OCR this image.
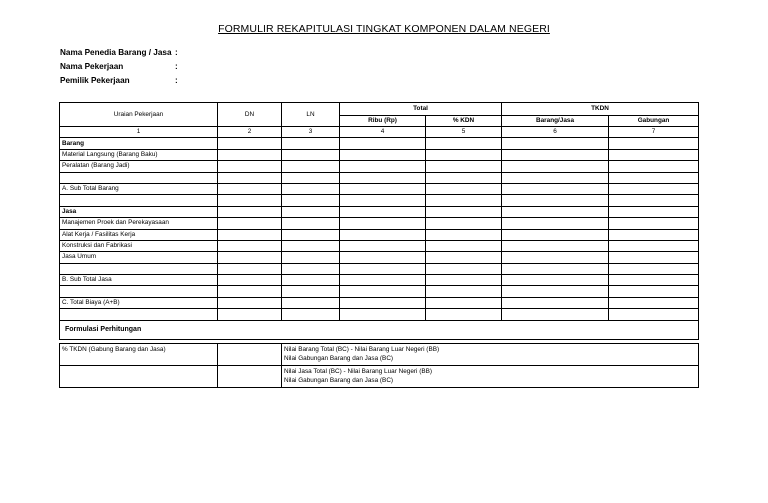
FORMULIR REKAPITULASI TINGKAT KOMPONEN DALAM NEGERI
Nama Penedia Barang / Jasa :
Nama Pekerjaan	:
Pemilik Pekerjaan	:
Uraian Pekerjaan	DN	LN	Total		TKDN	
			Ribu (Rp)	% KDN	Barang/Jasa	Gabungan
1	2	3	4	5	6	7
Barang						
Material Langsung (Barang Baku)						
Peralatan (Barang Jadi)						

A. Sub Total Barang						

Jasa						
Manajemen Proek dan Perekayasaan						
Alat Kerja / Fasilitas Kerja						
Konstruksi dan Fabrikasi						
Jasa Umum						

B. Sub Total Jasa						

C. Total Biaya (A+B)						

Formulasi Perhitungan						

% TKDN (Gabung Barang dan Jasa)		Nilai Barang Total (BC) - Nilai Barang Luar Negeri (BB)
Nilai Gabungan Barang dan Jasa (BC)				

		Nilai Jasa Total (BC) - Nilai Barang Luar Negeri (BB)
Nilai Gabungan Barang dan Jasa (BC)				
